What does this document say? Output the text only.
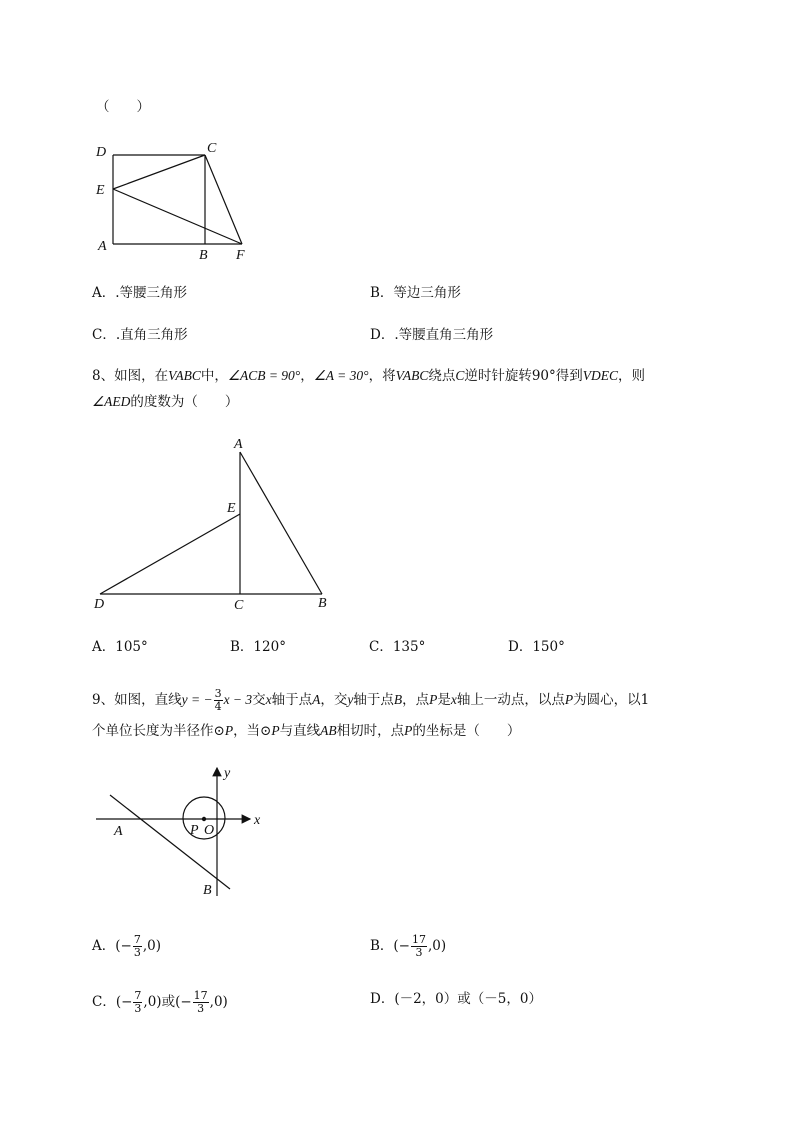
（　　）
D	C
E
A
B F
A．.等腰三角形	B．等边三角形
C．.直角三角形	D．.等腰直角三角形
8、如图，在VABC中，∠ACB = 90°，∠A = 30°，将VABC绕点C逆时针旋转90°得到VDEC，则
∠AED的度数为（　　）
A
E
D	C	B
A．105°	B．120°	C．135°	D．150°
9、如图，直线y = − $\frac{3}{4}$ x − 3交x轴于点A，交y轴于点B，点P是x轴上一动点，以点P为圆心，以1
个单位长度为半径作⊙P，当⊙P与直线AB相切时，点P的坐标是（　　）
y
x
A	P O
B
A．(− $\frac{7}{3} ,0$)	B．(− $\frac{17}{3} ,0$)
C．(− $\frac{7}{3} ,0$)或(− $\frac{17}{3} ,0$)	D．(－2，0）或（－5，0）
